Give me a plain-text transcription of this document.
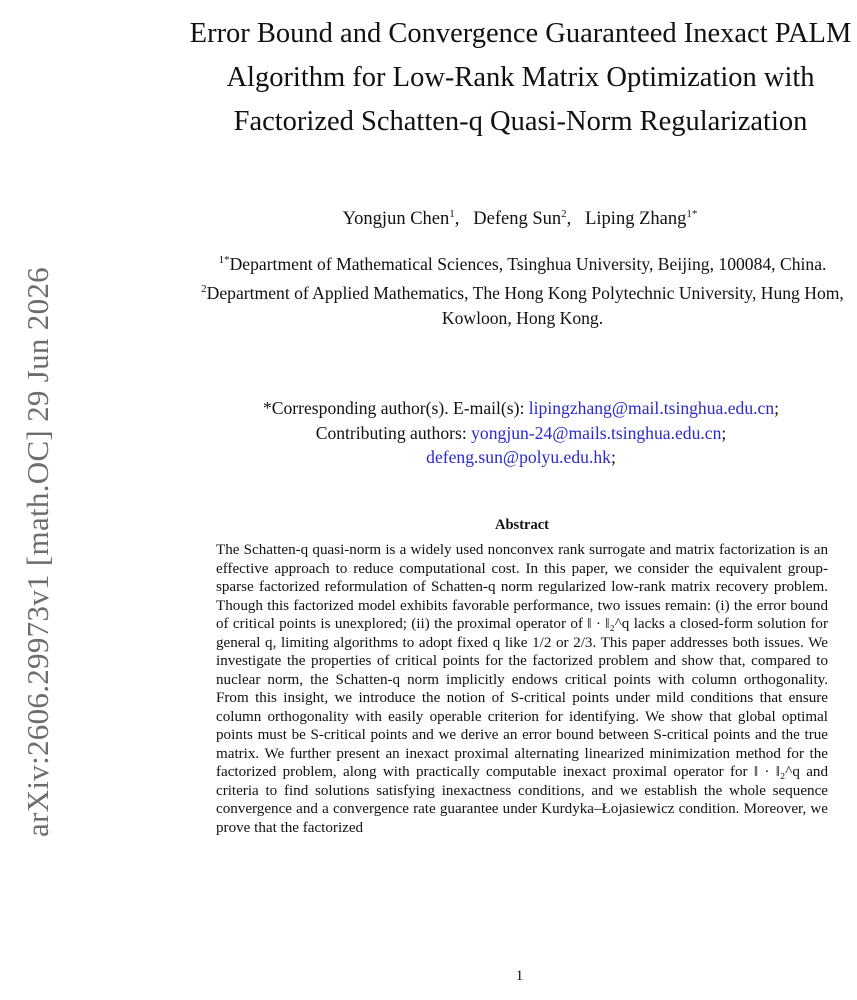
arXiv:2606.29973v1 [math.OC] 29 Jun 2026
Error Bound and Convergence Guaranteed Inexact PALM Algorithm for Low-Rank Matrix Optimization with Factorized Schatten-q Quasi-Norm Regularization
Yongjun Chen$^1$,   Defeng Sun$^2$,   Liping Zhang$^{1*}$
$^{1*}$Department of Mathematical Sciences, Tsinghua University, Beijing, 100084, China.
$^2$Department of Applied Mathematics, The Hong Kong Polytechnic University, Hung Hom, Kowloon, Hong Kong.
*Corresponding author(s). E-mail(s): lipingzhang@mail.tsinghua.edu.cn;
Contributing authors: yongjun-24@mails.tsinghua.edu.cn;
defeng.sun@polyu.edu.hk;
Abstract
The Schatten-q quasi-norm is a widely used nonconvex rank surrogate and matrix factorization is an effective approach to reduce computational cost. In this paper, we consider the equivalent group-sparse factorized reformulation of Schatten-q norm regularized low-rank matrix recovery problem. Though this factorized model exhibits favorable performance, two issues remain: (i) the error bound of critical points is unexplored; (ii) the proximal operator of ‖ · ‖₂^q lacks a closed-form solution for general q, limiting algorithms to adopt fixed q like 1/2 or 2/3. This paper addresses both issues. We investigate the properties of critical points for the factorized problem and show that, compared to nuclear norm, the Schatten-q norm implicitly endows critical points with column orthogonality. From this insight, we introduce the notion of S-critical points under mild conditions that ensure column orthogonality with easily operable criterion for identifying. We show that global optimal points must be S-critical points and we derive an error bound between S-critical points and the true matrix. We further present an inexact proximal alternating linearized minimization method for the factorized problem, along with practically computable inexact proximal operator for ‖ · ‖₂^q and criteria to find solutions satisfying inexactness conditions, and we establish the whole sequence convergence and a convergence rate guarantee under Kurdyka–Łojasiewicz condition. Moreover, we prove that the factorized
1
